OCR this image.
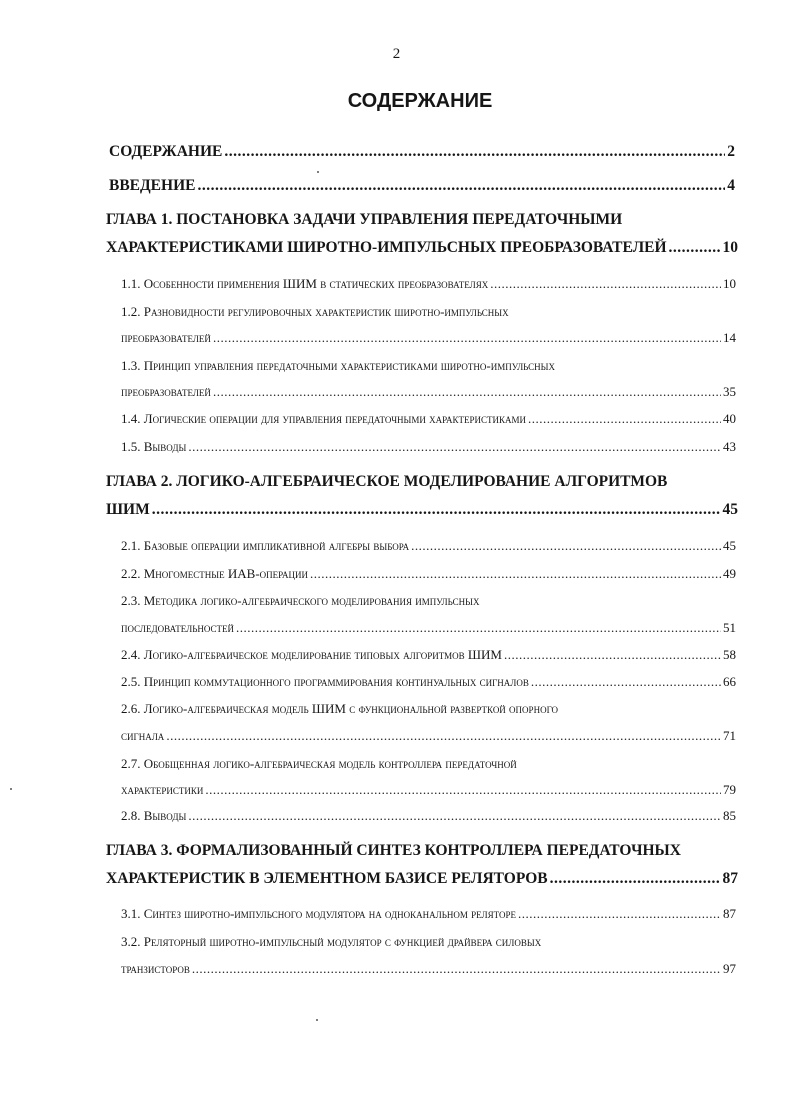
2
СОДЕРЖАНИЕ
СОДЕРЖАНИЕ .....	2
ВВЕДЕНИЕ .....	4
ГЛАВА 1. ПОСТАНОВКА ЗАДАЧИ УПРАВЛЕНИЯ ПЕРЕДАТОЧНЫМИ
ХАРАКТЕРИСТИКАМИ ШИРОТНО-ИМПУЛЬСНЫХ ПРЕОБРАЗОВАТЕЛЕЙ .....	10
1.1. Особенности применения ШИМ в статических преобразователях .....	10
1.2. Разновидности регулировочных характеристик широтно-импульсных
преобразователей .....	14
1.3. Принцип управления передаточными характеристиками широтно-импульсных
преобразователей .....	35
1.4. Логические операции для управления передаточными характеристиками .....	40
1.5. Выводы .....	43
ГЛАВА 2. ЛОГИКО-АЛГЕБРАИЧЕСКОЕ МОДЕЛИРОВАНИЕ АЛГОРИТМОВ
ШИМ .....	45
2.1. Базовые операции импликативной алгебры выбора .....	45
2.2. Многоместные ИАВ-операции .....	49
2.3. Методика логико-алгебраического моделирования импульсных
последовательностей .....	51
2.4. Логико-алгебраическое моделирование типовых алгоритмов ШИМ .....	58
2.5. Принцип коммутационного программирования континуальных сигналов .....	66
2.6. Логико-алгебраическая модель ШИМ с функциональной разверткой опорного
сигнала .....	71
2.7. Обобщенная логико-алгебраическая модель контроллера передаточной
характеристики .....	79
2.8. Выводы .....	85
ГЛАВА 3. ФОРМАЛИЗОВАННЫЙ СИНТЕЗ КОНТРОЛЛЕРА ПЕРЕДАТОЧНЫХ
ХАРАКТЕРИСТИК В ЭЛЕМЕНТНОМ БАЗИСЕ РЕЛЯТОРОВ .....	87
3.1. Синтез широтно-импульсного модулятора на одноканальном реляторе .....	87
3.2. Реляторный широтно-импульсный модулятор с функцией драйвера силовых
транзисторов .....	97
